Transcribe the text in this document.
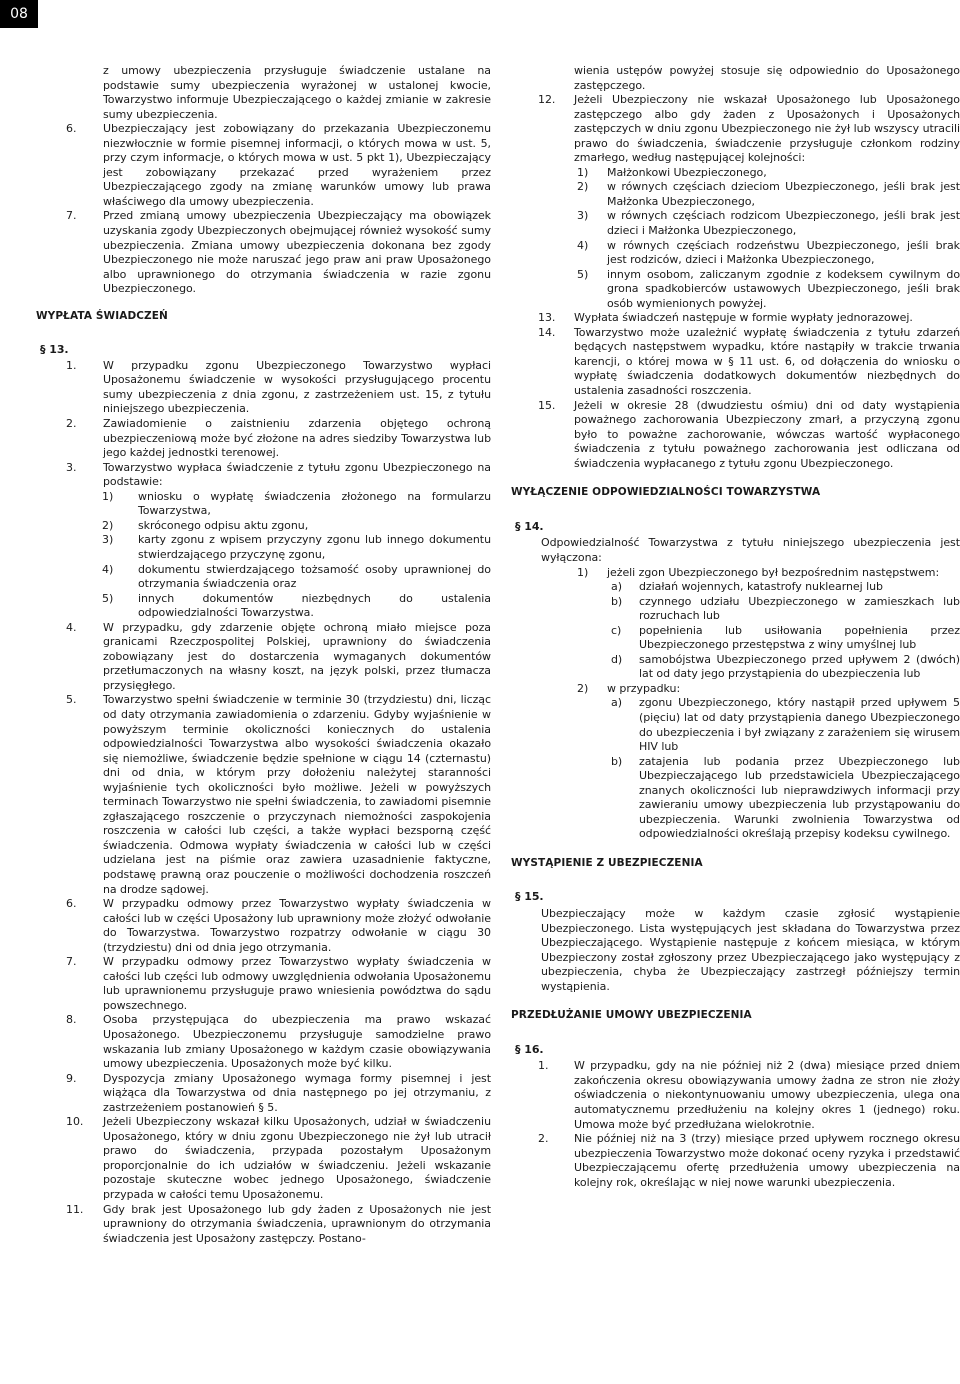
08

z umowy ubezpieczenia przysługuje świadczenie ustalane na podstawie sumy ubezpieczenia wyrażonej w ustalonej kwocie, Towarzystwo informuje Ubezpieczającego o każdej zmianie w zakresie sumy ubezpieczenia.

6. Ubezpieczający jest zobowiązany do przekazania Ubezpieczonemu niezwłocznie w formie pisemnej informacji, o których mowa w ust. 5, przy czym informacje, o których mowa w ust. 5 pkt 1), Ubezpieczający jest zobowiązany przekazać przed wyrażeniem przez Ubezpieczającego zgody na zmianę warunków umowy lub prawa właściwego dla umowy ubezpieczenia.
7. Przed zmianą umowy ubezpieczenia Ubezpieczający ma obowiązek uzyskania zgody Ubezpieczonych obejmującej również wysokość sumy ubezpieczenia. Zmiana umowy ubezpieczenia dokonana bez zgody Ubezpieczonego nie może naruszać jego praw ani praw Uposażonego albo uprawnionego do otrzymania świadczenia w razie zgonu Ubezpieczonego.
WYPŁATA ŚWIADCZEŃ
§ 13.
1. W przypadku zgonu Ubezpieczonego Towarzystwo wypłaci Uposażonemu świadczenie w wysokości przysługującego procentu sumy ubezpieczenia z dnia zgonu, z zastrzeżeniem ust. 15, z tytułu niniejszego ubezpieczenia.
2. Zawiadomienie o zaistnieniu zdarzenia objętego ochroną ubezpieczeniową może być złożone na adres siedziby Towarzystwa lub jego każdej jednostki terenowej.
3. Towarzystwo wypłaca świadczenie z tytułu zgonu Ubezpieczonego na podstawie:
1) wniosku o wypłatę świadczenia złożonego na formularzu Towarzystwa,
2) skróconego odpisu aktu zgonu,
3) karty zgonu z wpisem przyczyny zgonu lub innego dokumentu stwierdzającego przyczynę zgonu,
4) dokumentu stwierdzającego tożsamość osoby uprawnionej do otrzymania świadczenia oraz
5) innych dokumentów niezbędnych do ustalenia odpowiedzialności Towarzystwa.
4. W przypadku, gdy zdarzenie objęte ochroną miało miejsce poza granicami Rzeczpospolitej Polskiej, uprawniony do świadczenia zobowiązany jest do dostarczenia wymaganych dokumentów przetłumaczonych na własny koszt, na język polski, przez tłumacza przysięgłego.
5. Towarzystwo spełni świadczenie w terminie 30 (trzydziestu) dni, licząc od daty otrzymania zawiadomienia o zdarzeniu. Gdyby wyjaśnienie w powyższym terminie okoliczności koniecznych do ustalenia odpowiedzialności Towarzystwa albo wysokości świadczenia okazało się niemożliwe, świadczenie będzie spełnione w ciągu 14 (czternastu) dni od dnia, w którym przy dołożeniu należytej staranności wyjaśnienie tych okoliczności było możliwe. Jeżeli w powyższych terminach Towarzystwo nie spełni świadczenia, to zawiadomi pisemnie zgłaszającego roszczenie o przyczynach niemożności zaspokojenia roszczenia w całości lub części, a także wypłaci bezsporną część świadczenia. Odmowa wypłaty świadczenia w całości lub w części udzielana jest na piśmie oraz zawiera uzasadnienie faktyczne, podstawę prawną oraz pouczenie o możliwości dochodzenia roszczeń na drodze sądowej.
6. W przypadku odmowy przez Towarzystwo wypłaty świadczenia w całości lub w części Uposażony lub uprawniony może złożyć odwołanie do Towarzystwa. Towarzystwo rozpatrzy odwołanie w ciągu 30 (trzydziestu) dni od dnia jego otrzymania.
7. W przypadku odmowy przez Towarzystwo wypłaty świadczenia w całości lub części lub odmowy uwzględnienia odwołania Uposażonemu lub uprawnionemu przysługuje prawo wniesienia powództwa do sądu powszechnego.
8. Osoba przystępująca do ubezpieczenia ma prawo wskazać Uposażonego. Ubezpieczonemu przysługuje samodzielne prawo wskazania lub zmiany Uposażonego w każdym czasie obowiązywania umowy ubezpieczenia. Uposażonych może być kilku.
9. Dyspozycja zmiany Uposażonego wymaga formy pisemnej i jest wiążąca dla Towarzystwa od dnia następnego po jej otrzymaniu, z zastrzeżeniem postanowień § 5.
10. Jeżeli Ubezpieczony wskazał kilku Uposażonych, udział w świadczeniu Uposażonego, który w dniu zgonu Ubezpieczonego nie żył lub utracił prawo do świadczenia, przypada pozostałym Uposażonym proporcjonalnie do ich udziałów w świadczeniu. Jeżeli wskazanie pozostaje skuteczne wobec jednego Uposażonego, świadczenie przypada w całości temu Uposażonemu.
11. Gdy brak jest Uposażonego lub gdy żaden z Uposażonych nie jest uprawniony do otrzymania świadczenia, uprawnionym do otrzymania świadczenia jest Uposażony zastępczy. Postano-

wienia ustępów powyżej stosuje się odpowiednio do Uposażonego zastępczego.

12. Jeżeli Ubezpieczony nie wskazał Uposażonego lub Uposażonego zastępczego albo gdy żaden z Uposażonych i Uposażonych zastępczych w dniu zgonu Ubezpieczonego nie żył lub wszyscy utracili prawo do świadczenia, świadczenie przysługuje członkom rodziny zmarłego, według następującej kolejności:
1) Małżonkowi Ubezpieczonego,
2) w równych częściach dzieciom Ubezpieczonego, jeśli brak jest Małżonka Ubezpieczonego,
3) w równych częściach rodzicom Ubezpieczonego, jeśli brak jest dzieci i Małżonka Ubezpieczonego,
4) w równych częściach rodzeństwu Ubezpieczonego, jeśli brak jest rodziców, dzieci i Małżonka Ubezpieczonego,
5) innym osobom, zaliczanym zgodnie z kodeksem cywilnym do grona spadkobierców ustawowych Ubezpieczonego, jeśli brak osób wymienionych powyżej.
13. Wypłata świadczeń następuje w formie wypłaty jednorazowej.
14. Towarzystwo może uzależnić wypłatę świadczenia z tytułu zdarzeń będących następstwem wypadku, które nastąpiły w trakcie trwania karencji, o której mowa w § 11 ust. 6, od dołączenia do wniosku o wypłatę świadczenia dodatkowych dokumentów niezbędnych do ustalenia zasadności roszczenia.
15. Jeżeli w okresie 28 (dwudziestu ośmiu) dni od daty wystąpienia poważnego zachorowania Ubezpieczony zmarł, a przyczyną zgonu było to poważne zachorowanie, wówczas wartość wypłaconego świadczenia z tytułu poważnego zachorowania jest odliczana od świadczenia wypłacanego z tytułu zgonu Ubezpieczonego.
WYŁĄCZENIE ODPOWIEDZIALNOŚCI TOWARZYSTWA
§ 14.

Odpowiedzialność Towarzystwa z tytułu niniejszego ubezpieczenia jest wyłączona:

1) jeżeli zgon Ubezpieczonego był bezpośrednim następstwem:
a) działań wojennych, katastrofy nuklearnej lub
b) czynnego udziału Ubezpieczonego w zamieszkach lub rozruchach lub
c) popełnienia lub usiłowania popełnienia przez Ubezpieczonego przestępstwa z winy umyślnej lub
d) samobójstwa Ubezpieczonego przed upływem 2 (dwóch) lat od daty jego przystąpienia do ubezpieczenia lub
2) w przypadku:
a) zgonu Ubezpieczonego, który nastąpił przed upływem 5 (pięciu) lat od daty przystąpienia danego Ubezpieczonego do ubezpieczenia i był związany z zarażeniem się wirusem HIV lub
b) zatajenia lub podania przez Ubezpieczonego lub Ubezpieczającego lub przedstawiciela Ubezpieczającego znanych okoliczności lub nieprawdziwych informacji przy zawieraniu umowy ubezpieczenia lub przystąpowaniu do ubezpieczenia. Warunki zwolnienia Towarzystwa od odpowiedzialności określają przepisy kodeksu cywilnego.
WYSTĄPIENIE Z UBEZPIECZENIA
§ 15.

Ubezpieczający może w każdym czasie zgłosić wystąpienie Ubezpieczonego. Lista występujących jest składana do Towarzystwa przez Ubezpieczającego. Wystąpienie następuje z końcem miesiąca, w którym Ubezpieczony został zgłoszony przez Ubezpieczającego jako występujący z ubezpieczenia, chyba że Ubezpieczający zastrzegł późniejszy termin wystąpienia.

PRZEDŁUŻANIE UMOWY UBEZPIECZENIA
§ 16.
1. W przypadku, gdy na nie później niż 2 (dwa) miesiące przed dniem zakończenia okresu obowiązywania umowy żadna ze stron nie złoży oświadczenia o niekontynuowaniu umowy ubezpieczenia, ulega ona automatycznemu przedłużeniu na kolejny okres 1 (jednego) roku. Umowa może być przedłużana wielokrotnie.
2. Nie później niż na 3 (trzy) miesiące przed upływem rocznego okresu ubezpieczenia Towarzystwo może dokonać oceny ryzyka i przedstawić Ubezpieczającemu ofertę przedłużenia umowy ubezpieczenia na kolejny rok, określając w niej nowe warunki ubezpieczenia.
